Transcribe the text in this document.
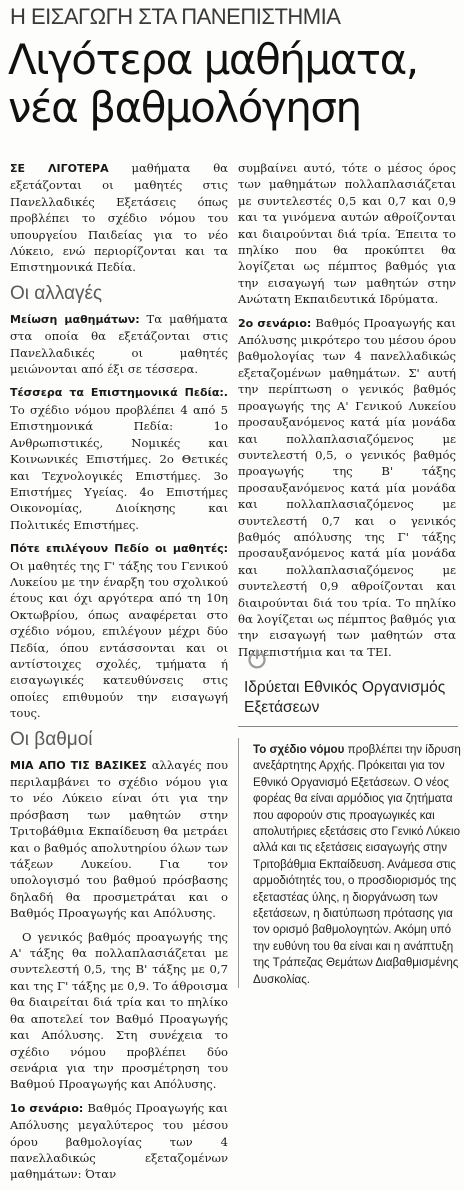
Η ΕΙΣΑΓΩΓΗ ΣΤΑ ΠΑΝΕΠΙΣΤΗΜΙΑ
Λιγότερα μαθήματα, νέα βαθμολόγηση

ΣΕ ΛΙΓΟΤΕΡΑ μαθήματα θα εξετάζονται οι μαθητές στις Πανελλαδικές Εξετάσεις όπως προβλέπει το σχέδιο νόμου του υπουργείου Παιδείας για το νέο Λύκειο, ενώ περιορίζονται και τα Επιστημονικά Πεδία.

Οι αλλαγές

Μείωση μαθημάτων: Τα μαθήματα στα οποία θα εξετάζονται στις Πανελλαδικές οι μαθητές μειώνονται από έξι σε τέσσερα.

Τέσσερα τα Επιστημονικά Πεδία:. Το σχέδιο νόμου προβλέπει 4 από 5 Επιστημονικά Πεδία: 1ο Ανθρωπιστικές, Νομικές και Κοινωνικές Επιστήμες. 2ο Θετικές και Τεχνολογικές Επιστήμες. 3ο Επιστήμες Υγείας. 4ο Επιστήμες Οικονομίας, Διοίκησης και Πολιτικές Επιστήμες.

Πότε επιλέγουν Πεδίο οι μαθητές: Οι μαθητές της Γ' τάξης του Γενικού Λυκείου με την έναρξη του σχολικού έτους και όχι αργότερα από τη 10η Οκτωβρίου, όπως αναφέρεται στο σχέδιο νόμου, επιλέγουν μέχρι δύο Πεδία, όπου εντάσσονται και οι αντίστοιχες σχολές, τμήματα ή εισαγωγικές κατευθύνσεις στις οποίες επιθυμούν την εισαγωγή τους.

Οι βαθμοί

ΜΙΑ ΑΠΟ ΤΙΣ ΒΑΣΙΚΕΣ αλλαγές που περιλαμβάνει το σχέδιο νόμου για το νέο Λύκειο είναι ότι για την πρόσβαση των μαθητών στην Τριτοβάθμια Εκπαίδευση θα μετράει και ο βαθμός απολυτηρίου όλων των τάξεων Λυκείου. Για τον υπολογισμό του βαθμού πρόσβασης δηλαδή θα προσμετράται και ο Βαθμός Προαγωγής και Απόλυσης.

Ο γενικός βαθμός προαγωγής της Α' τάξης θα πολλαπλασιάζεται με συντελεστή 0,5, της Β' τάξης με 0,7 και της Γ' τάξης με 0,9. Το άθροισμα θα διαιρείται διά τρία και το πηλίκο θα αποτελεί τον Βαθμό Προαγωγής και Απόλυσης. Στη συνέχεια το σχέδιο νόμου προβλέπει δύο σενάρια για την προσμέτρηση του Βαθμού Προαγωγής και Απόλυσης.

1ο σενάριο: Βαθμός Προαγωγής και Απόλυσης μεγαλύτερος του μέσου όρου βαθμολογίας των 4 πανελλαδικώς εξεταζομένων μαθημάτων: Όταν

συμβαίνει αυτό, τότε ο μέσος όρος των μαθημάτων πολλαπλασιάζεται με συντελεστές 0,5 και 0,7 και 0,9 και τα γινόμενα αυτών αθροίζονται και διαιρούνται διά τρία. Έπειτα το πηλίκο που θα προκύπτει θα λογίζεται ως πέμπτος βαθμός για την εισαγωγή των μαθητών στην Ανώτατη Εκπαιδευτικά Ιδρύματα.

2ο σενάριο: Βαθμός Προαγωγής και Απόλυσης μικρότερο του μέσου όρου βαθμολογίας των 4 πανελλαδικώς εξεταζομένων μαθημάτων. Σ' αυτή την περίπτωση ο γενικός βαθμός προαγωγής της Α' Γενικού Λυκείου προσαυξανόμενος κατά μία μονάδα και πολλαπλασιαζόμενος με συντελεστή 0,5, ο γενικός βαθμός προαγωγής της Β' τάξης προσαυξανόμενος κατά μία μονάδα και πολλαπλασιαζόμενος με συντελεστή 0,7 και ο γενικός βαθμός απόλυσης της Γ' τάξης προσαυξανόμενος κατά μία μονάδα και πολλαπλασιαζόμενος με συντελεστή 0,9 αθροίζονται και διαιρούνται διά του τρία. Το πηλίκο θα λογίζεται ως πέμπτος βαθμός για την εισαγωγή των μαθητών στα Πανεπιστήμια και τα ΤΕΙ.

Ιδρύεται Εθνικός Οργανισμός Εξετάσεων
Το σχέδιο νόμου προβλέπει την ίδρυση ανεξάρτητης Αρχής. Πρόκειται για τον Εθνικό Οργανισμό Εξετάσεων. Ο νέος φορέας θα είναι αρμόδιος για ζητήματα που αφορούν στις προαγωγικές και απολυτήριες εξετάσεις στο Γενικό Λύκειο αλλά και τις εξετάσεις εισαγωγής στην Τριτοβάθμια Εκπαίδευση. Ανάμεσα στις αρμοδιότητές του, ο προσδιορισμός της εξεταστέας ύλης, η διοργάνωση των εξετάσεων, η διατύπωση πρότασης για τον ορισμό βαθμολογητών. Ακόμη υπό την ευθύνη του θα είναι και η ανάπτυξη της Τράπεζας Θεμάτων Διαβαθμισμένης Δυσκολίας.
